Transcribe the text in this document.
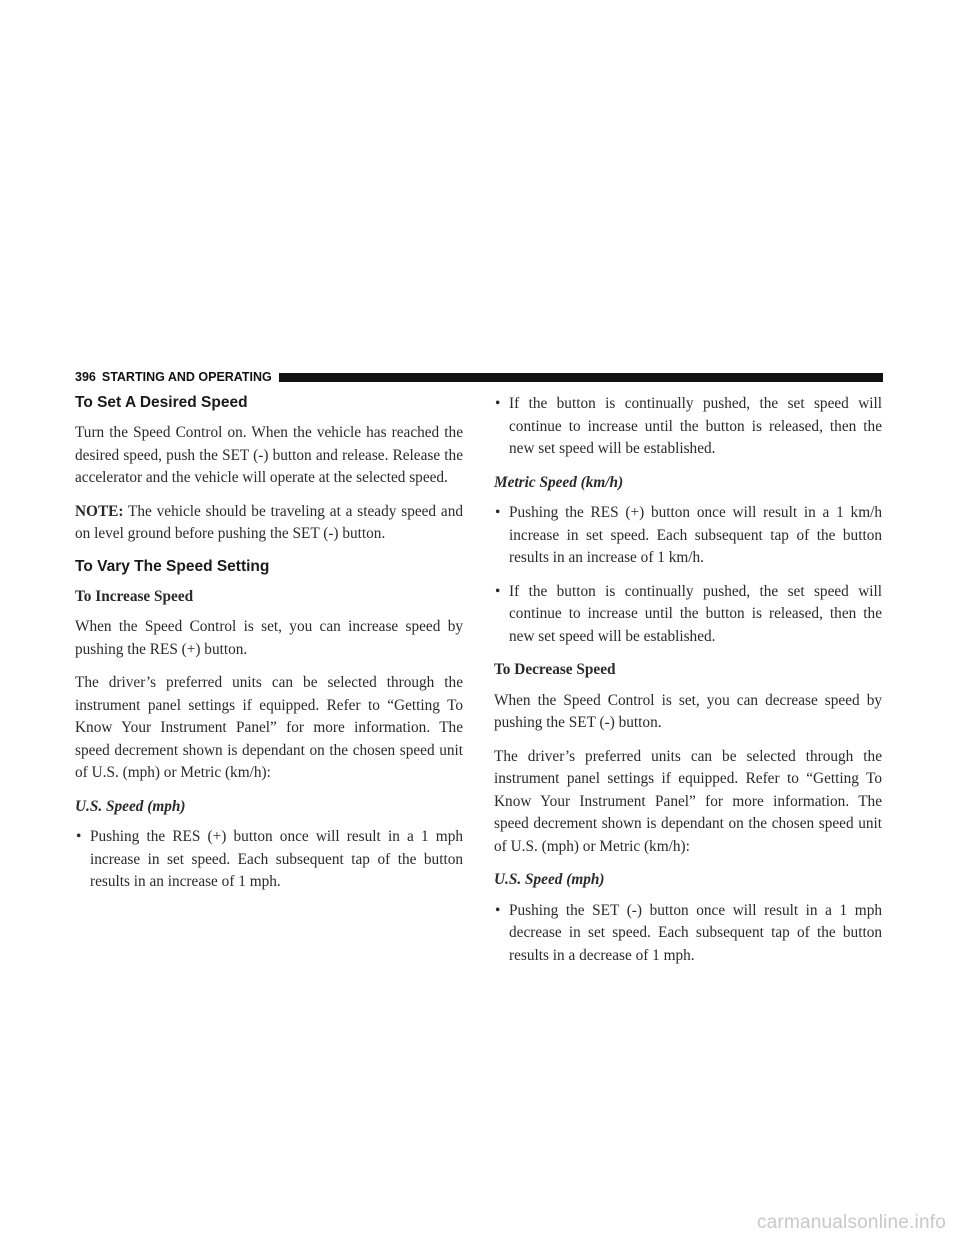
396 STARTING AND OPERATING
To Set A Desired Speed

Turn the Speed Control on. When the vehicle has reached the desired speed, push the SET (-) button and release. Release the accelerator and the vehicle will operate at the selected speed.

NOTE: The vehicle should be traveling at a steady speed and on level ground before pushing the SET (-) button.

To Vary The Speed Setting

To Increase Speed

When the Speed Control is set, you can increase speed by pushing the RES (+) button.

The driver’s preferred units can be selected through the instrument panel settings if equipped. Refer to “Getting To Know Your Instrument Panel” for more information. The speed decrement shown is dependant on the chosen speed unit of U.S. (mph) or Metric (km/h):

U.S. Speed (mph)

• Pushing the RES (+) button once will result in a 1 mph increase in set speed. Each subsequent tap of the button results in an increase of 1 mph.
• If the button is continually pushed, the set speed will continue to increase until the button is released, then the new set speed will be established.

Metric Speed (km/h)

• Pushing the RES (+) button once will result in a 1 km/h increase in set speed. Each subsequent tap of the button results in an increase of 1 km/h.
• If the button is continually pushed, the set speed will continue to increase until the button is released, then the new set speed will be established.

To Decrease Speed

When the Speed Control is set, you can decrease speed by pushing the SET (-) button.

The driver’s preferred units can be selected through the instrument panel settings if equipped. Refer to “Getting To Know Your Instrument Panel” for more information. The speed decrement shown is dependant on the chosen speed unit of U.S. (mph) or Metric (km/h):

U.S. Speed (mph)

• Pushing the SET (-) button once will result in a 1 mph decrease in set speed. Each subsequent tap of the button results in a decrease of 1 mph.
carmanualsonline.info
